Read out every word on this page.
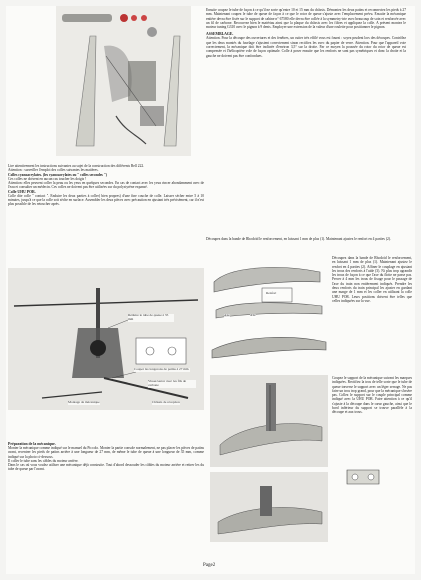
Ensuite coupez le tube de façon à ce qu'il ne sorte qu'entre 10 et 15 mm du châssis. Démontez les deux patins et reconnectez les pieds à 27 mm. Maintenant coupez le tube de queue de façon à ce que le rotor de queue s'ajuste avec l'emplacement prévu. Ensuite la mécanique entière devra être fixée sur le support de cabine n° 67580 elle devra être collée à la symmetry-trie avec beaucoup de soin et renforcée avec un fil de carbone. Recouvrez bien le matériau ainsi que la plaque du châssis avec les filtres et appliquez la colle. A présent montez le moteur tuning G310 avec le pignon à 9 dents. Employer une extension de la valeur d'une roulette pour positionner le pignon.

ASSEMBLAGE.

Attention. Pour la découpe des ouvertures et des fenêtres, un cutter très effilé vous est fourni : soyez prudent lors des découpes. Contrôlez que les deux montés du fuselage s'ajustent correctement sinon rectifiez les avec du papier de verre. Attention. Pour que l'appareil voie correctement, la mécanique doit être inclinée d'environ 3,5° sur la droite. Par ce moyen la poussée du rotor du rotor de queue est compensée et l'hélicoptère vole de façon optimale. Colle à poser ensuite que les renforts ne sont pas symétriques et donc la droite et la gauche ne doivent pas être confondues.

Lire attentivement les instructions suivantes au sujet de la construction des différents Bell 222.

Attention : surveiller l'emploi des colles suivantes les matières.

Colles cyanoacrylates. (les cyanoacrylates ou " colles secondes ")

Ces colles ne doivent en aucun cas toucher les doigts !

Attention: elles peuvent coller la peau ou les yeux en quelques secondes. En cas de contact avec les yeux rincer abondamment avec de l'eau et consulter un médecin. Ces colles ne doivent pas être utilisées sur du polystyrène expansé.

Colle UHU POR.

Colle dite colle " contact ". Enduire les deux parties à coller( bien propres) d'une fine couche de colle. Laisser sécher entre 5 à 10 minutes, jusqu'à ce que la colle soit sèche en surface. Assembler les deux pièces avec précaution en ajustant très précisément, car il n'est plus possible de les retoucher après.

Découpez dans la bande de Rhodoïd le renforcement, en laissant 1 mm de plus (1). Maintenant ajustez le renfort en 4 parties (2).

Renfort
Axe	Axe

Découpez dans la bande de Rhodoïd le renforcement, en laissant 1 mm de plus (1). Maintenant ajustez le renfort en 4 parties (2). Affiner le couplage en ajustant les trous des renforts à l'aide (3). Ni plus trop agrandir les trous de façon à ce que l'axe du flotte ne passe pas. Percer à 4 mm les trous de fixage pour le passage de l'axe du train non entièrement indiqués. Prendre les deux renforts du train principal les ajuster en gardant une marge de 1 mm et les coller en utilisant la colle UHU POR. Leurs positions doivent être telles que celles indiquées sur la vue.

Réduire le tube de queue à 35 mm
Couper les longerons de patins à 27 mm
Visser/serrer avec les fils de carbone
Montage de mécanique	Châssis de réception

Préparation de la mécanique.

Monter la mécanique comme indiqué sur le manuel du Piccolo. Monter la partie console normalement, ne pas placer les pièces de patins avant, recentrer les pieds de patins arrière à une longueur de 27 mm, de même le tube de queue à une longueur de 35 mm, comme indiqué sur la photo ci-dessous.

Il coller le tube sans les câbles du moteur arrière.

Dans le cas où vous voulez utiliser une mécanique déjà construite. Tout d'abord dessouder les câbles du moteur arrière et retirer les du tube de queue par l'avant.

Coupez le support de la mécanique suivant les marques indiquées. Rectifiez la trou de telle sorte que le tube de queue traverse le support avec un léger serrage. Ne pas faire un trou trop grand, pour que la mécanique s'insère pas. Collez le support sur le couple principal comme indiqué avec la UHU POR. Faire attention à ce qu'il s'ajuste à la découpe dans le cœur gauche, ainsi que le bord inférieur du support se trouve parallèle à la découpe et aux trous.

Page2
